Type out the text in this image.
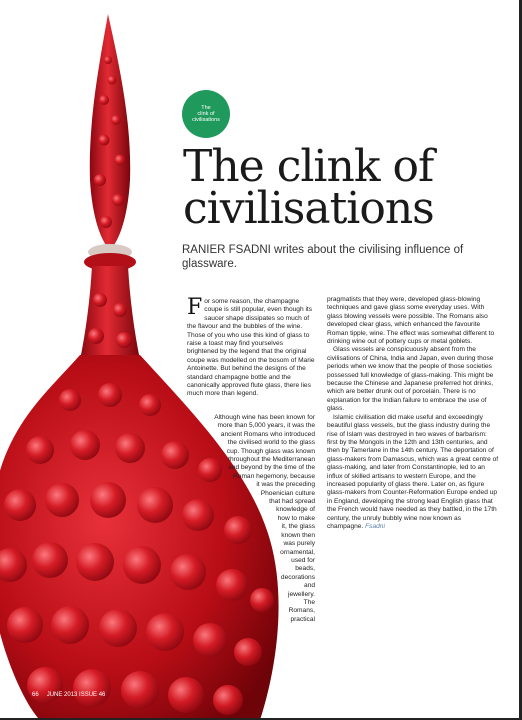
The
clink of
civilisations
The clink of
civilisations
RANIER FSADNI writes about the civilising influence of glassware.

For some reason, the champagne coupe is still popular, even though its saucer shape dissipates so much of the flavour and the bubbles of the wine. Those of you who use this kind of glass to raise a toast may find yourselves brightened by the legend that the original coupe was modelled on the bosom of Marie Antoinette. But behind the designs of the standard champagne bottle and the canonically approved flute glass, there lies much more than legend.

Although wine has been known for
more than 5,000 years, it was the
ancient Romans who introduced
the civilised world to the glass
cup. Though glass was known
throughout the Mediterranean
and beyond by the time of the
Roman hegemony, because
it was the preceding
Phoenician culture
that had spread
knowledge of
how to make
it, the glass
known then
was purely
ornamental,
used for
beads,
decorations
and
jewellery.
The
Romans,
practical

pragmatists that they were, developed glass-blowing techniques and gave glass some everyday uses. With glass blowing vessels were possible. The Romans also developed clear glass, which enhanced the favourite Roman tipple, wine. The effect was somewhat different to drinking wine out of pottery cups or metal goblets.

Glass vessels are conspicuously absent from the civilisations of China, India and Japan, even during those periods when we know that the people of those societies possessed full knowledge of glass-making. This might be because the Chinese and Japanese preferred hot drinks, which are better drunk out of porcelain. There is no explanation for the Indian failure to embrace the use of glass.

Islamic civilisation did make useful and exceedingly beautiful glass vessels, but the glass industry during the rise of Islam was destroyed in two waves of barbarism: first by the Mongols in the 12th and 13th centuries, and then by Tamerlane in the 14th century. The deportation of glass-makers from Damascus, which was a great centre of glass-making, and later from Constantinople, led to an influx of skilled artisans to western Europe, and the increased popularity of glass there. Later on, as figure glass-makers from Counter-Reformation Europe ended up in England, developing the strong lead English glass that the French would have needed as they battled, in the 17th century, the unruly bubbly wine now known as champagne. Fsadni

66 JUNE 2013 ISSUE 46
